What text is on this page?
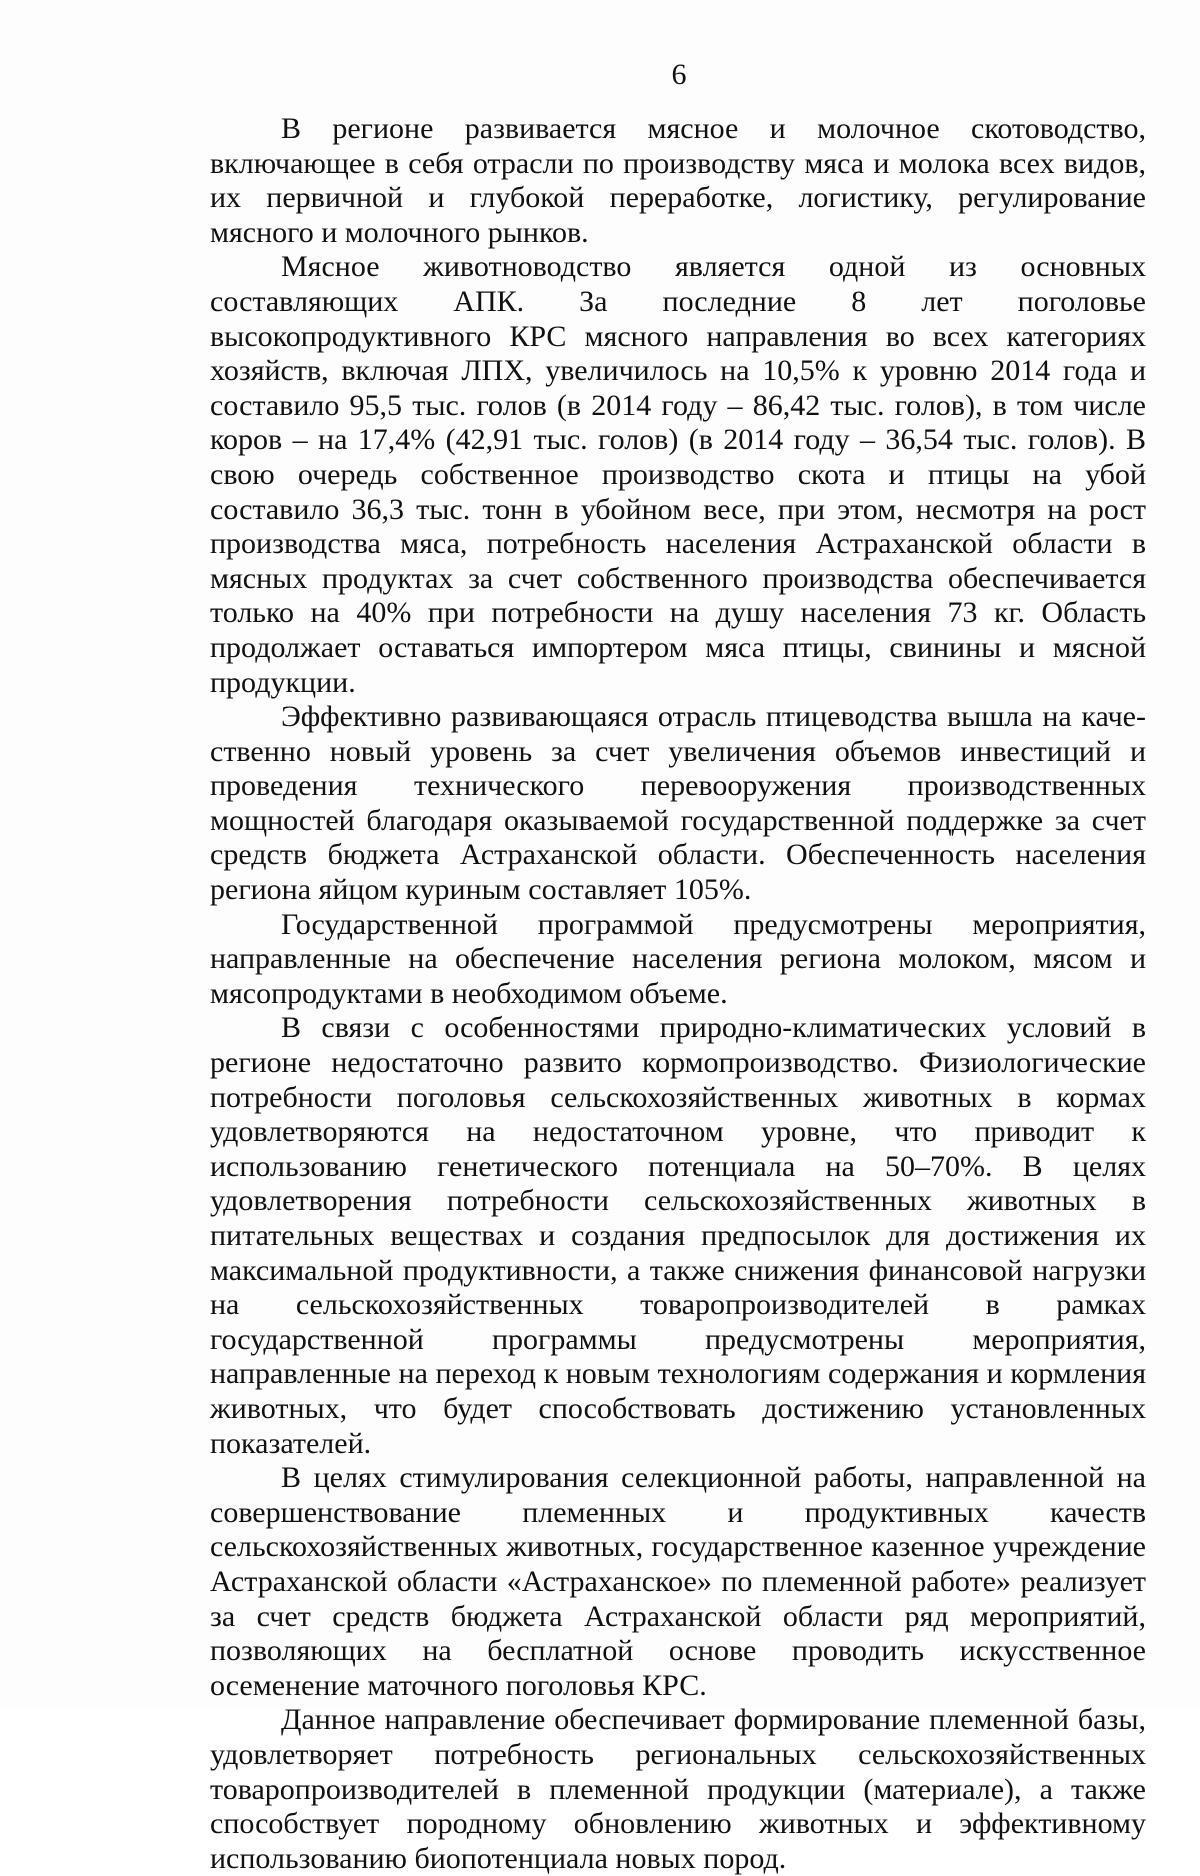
6

В регионе развивается мясное и молочное скотоводство, включающее в себя отрасли по производству мяса и молока всех видов, их первичной и глубокой переработке, логистику, регулирование мясного и молочного рынков.

Мясное животноводство является одной из основных составляющих АПК. За последние 8 лет поголовье высокопродуктивного КРС мясного направления во всех категориях хозяйств, включая ЛПХ, увеличилось на 10,5% к уровню 2014 года и составило 95,5 тыс. голов (в 2014 году – 86,42 тыс. голов), в том числе коров – на 17,4% (42,91 тыс. голов) (в 2014 году – 36,54 тыс. голов). В свою очередь собственное производство скота и птицы на убой составило 36,3 тыс. тонн в убойном весе, при этом, несмотря на рост производства мяса, потребность населения Астраханской области в мясных продуктах за счет собственного производства обеспечивается только на 40% при потребности на душу населения 73 кг. Область продолжает оставаться импортером мяса птицы, свинины и мясной продукции.

Эффективно развивающаяся отрасль птицеводства вышла на качественно новый уровень за счет увеличения объемов инвестиций и проведения технического перевооружения производственных мощностей благодаря оказываемой государственной поддержке за счет средств бюджета Астраханской области. Обеспеченность населения региона яйцом куриным составляет 105%.

Государственной программой предусмотрены мероприятия, направленные на обеспечение населения региона молоком, мясом и мясопродуктами в необходимом объеме.

В связи с особенностями природно-климатических условий в регионе недостаточно развито кормопроизводство. Физиологические потребности поголовья сельскохозяйственных животных в кормах удовлетворяются на недостаточном уровне, что приводит к использованию генетического потенциала на 50–70%. В целях удовлетворения потребности сельскохозяйственных животных в питательных веществах и создания предпосылок для достижения их максимальной продуктивности, а также снижения финансовой нагрузки на сельскохозяйственных товаропроизводителей в рамках государственной программы предусмотрены мероприятия, направленные на переход к новым технологиям содержания и кормления животных, что будет способствовать достижению установленных показателей.

В целях стимулирования селекционной работы, направленной на совершенствование племенных и продуктивных качеств сельскохозяйственных животных, государственное казенное учреждение Астраханской области «Астраханское» по племенной работе» реализует за счет средств бюджета Астраханской области ряд мероприятий, позволяющих на бесплатной основе проводить искусственное осеменение маточного поголовья КРС.

Данное направление обеспечивает формирование племенной базы, удовлетворяет потребность региональных сельскохозяйственных товаропроизводителей в племенной продукции (материале), а также способствует породному обновлению животных и эффективному использованию биопотенциала новых пород.
